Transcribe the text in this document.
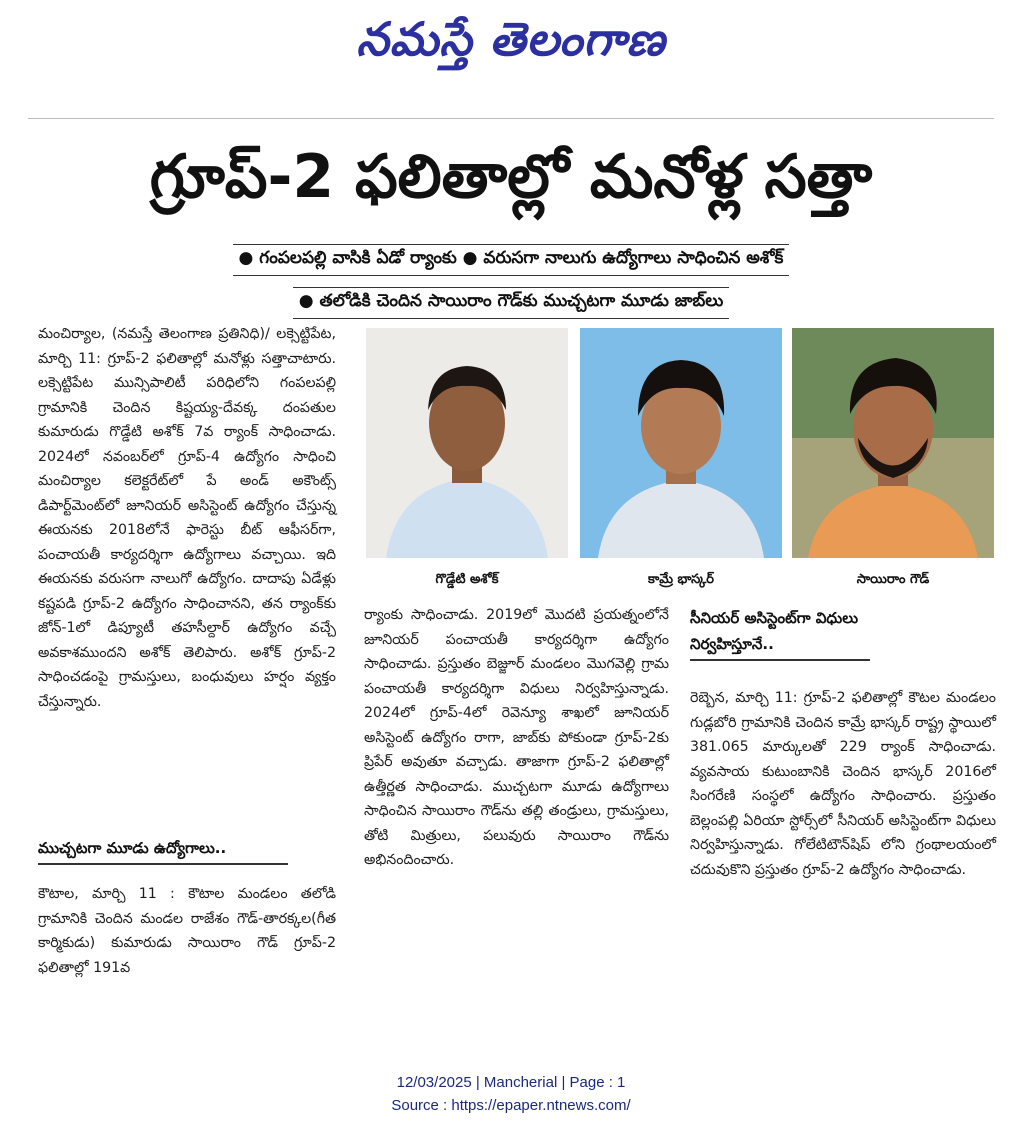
నమస్తే తెలంగాణ
గ్రూప్-2 ఫలితాల్లో మనోళ్ల సత్తా
● గంపలపల్లి వాసికి ఏడో ర్యాంకు ● వరుసగా నాలుగు ఉద్యోగాలు సాధించిన అశోక్
● తలోడికి చెందిన సాయిరాం గౌడ్‌కు ముచ్చటగా మూడు జాబ్‌లు

మంచిర్యాల, (నమస్తే తెలంగాణ ప్రతినిధి)/ లక్సెట్టిపేట, మార్చి 11: గ్రూప్-2 ఫలితాల్లో మనోళ్లు సత్తాచాటారు. లక్సెట్టిపేట మున్సిపాలిటీ పరిధిలోని గంపలపల్లి గ్రామానికి చెందిన కిష్టయ్య-దేవక్క దంపతుల కుమారుడు గొడ్డేటి అశోక్ 7వ ర్యాంక్ సాధించాడు. 2024లో నవంబర్‌లో గ్రూప్-4 ఉద్యోగం సాధించి మంచిర్యాల కలెక్టరేట్‌లో పే అండ్ అకౌంట్స్ డిపార్ట్‌మెంట్‌లో జూనియర్ అసిస్టెంట్ ఉద్యోగం చేస్తున్న ఈయనకు 2018లోనే ఫారెస్టు బీట్ ఆఫీసర్‌గా, పంచాయతీ కార్యదర్శిగా ఉద్యోగాలు వచ్చాయి. ఇది ఈయనకు వరుసగా నాలుగో ఉద్యోగం. దాదాపు ఏడేళ్లు కష్టపడి గ్రూప్-2 ఉద్యోగం సాధించానని, తన ర్యాంక్‌కు జోన్-1లో డిప్యూటీ తహసీల్దార్ ఉద్యోగం వచ్చే అవకాశముందని అశోక్ తెలిపారు. అశోక్ గ్రూప్-2 సాధించడంపై గ్రామస్తులు, బంధువులు హర్షం వ్యక్తం చేస్తున్నారు.

ముచ్చటగా మూడు ఉద్యోగాలు..

కౌటాల, మార్చి 11 : కౌటాల మండలం తలోడి గ్రామానికి చెందిన మండల రాజేశం గౌడ్-తారక్కల(గీత కార్మికుడు) కుమారుడు సాయిరాం గౌడ్ గ్రూప్-2 ఫలితాల్లో 191వ

గొడ్డేటి అశోక్	కామ్రే భాస్కర్	సాయిరాం గౌడ్

ర్యాంకు సాధించాడు. 2019లో మొదటి ప్రయత్నంలోనే జూనియర్ పంచాయతీ కార్యదర్శిగా ఉద్యోగం సాధించాడు. ప్రస్తుతం బెజ్జూర్ మండలం మొగవెల్లి గ్రామ పంచాయతీ కార్యదర్శిగా విధులు నిర్వహిస్తున్నాడు. 2024లో గ్రూప్-4లో రెవెన్యూ శాఖలో జూనియర్ అసిస్టెంట్ ఉద్యోగం రాగా, జాబ్‌కు పోకుండా గ్రూప్-2కు ప్రిపేర్ అవుతూ వచ్చాడు. తాజాగా గ్రూప్-2 ఫలితాల్లో ఉత్తీర్ణత సాధించాడు. ముచ్చటగా మూడు ఉద్యోగాలు సాధించిన సాయిరాం గౌడ్‌ను తల్లి తండ్రులు, గ్రామస్తులు, తోటి మిత్రులు, పలువురు సాయిరాం గౌడ్‌ను అభినందించారు.

సీనియర్ అసిస్టెంట్‌గా విధులు నిర్వహిస్తూనే..

రెబ్బెన, మార్చి 11: గ్రూప్-2 ఫలితాల్లో కౌటల మండలం గుడ్లబోరి గ్రామానికి చెందిన కామ్రే భాస్కర్ రాష్ట్ర స్థాయిలో 381.065 మార్కులతో 229 ర్యాంక్ సాధించాడు. వ్యవసాయ కుటుంబానికి చెందిన భాస్కర్ 2016లో సింగరేణి సంస్థలో ఉద్యోగం సాధించారు. ప్రస్తుతం బెల్లంపల్లి ఏరియా స్టోర్స్‌లో సీనియర్ అసిస్టెంట్‌గా విధులు నిర్వహిస్తున్నాడు. గోలేటిటౌన్‌షిప్ లోని గ్రంథాలయంలో చదువుకొని ప్రస్తుతం గ్రూప్-2 ఉద్యోగం సాధించాడు.

12/03/2025 | Mancherial | Page : 1
Source : https://epaper.ntnews.com/
